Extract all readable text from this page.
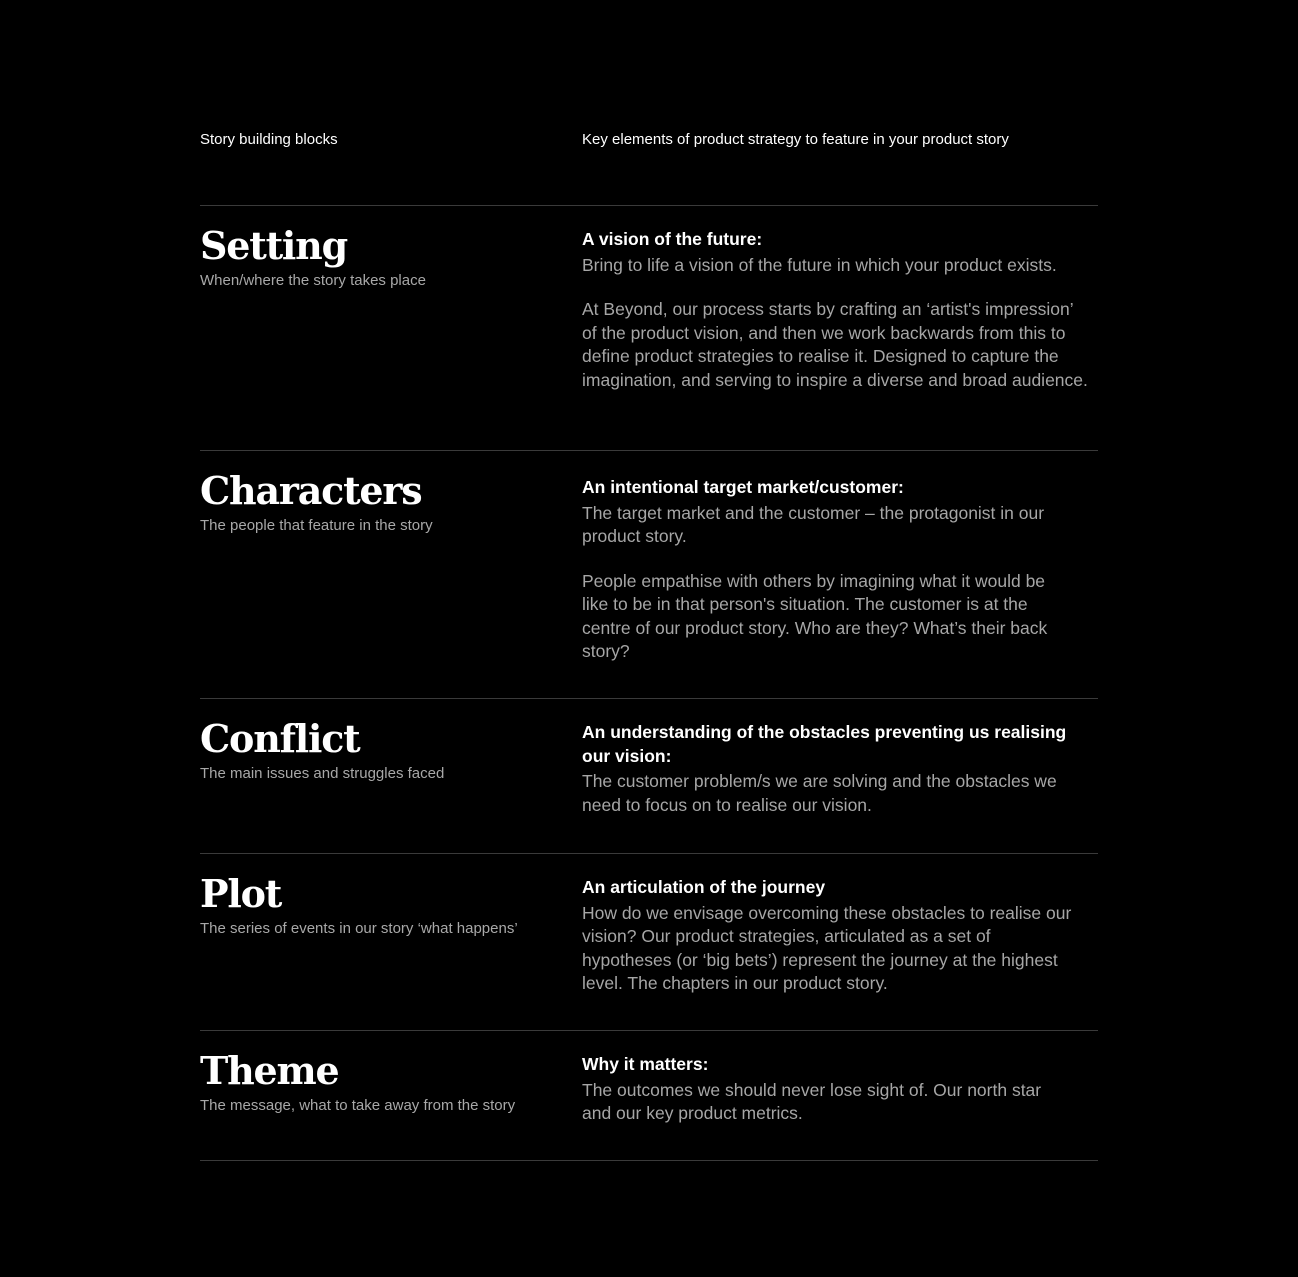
Story building blocks	Key elements of product strategy to feature in your product story
Setting
When/where the story takes place

A vision of the future:

Bring to life a vision of the future in which your product exists.

At Beyond, our process starts by crafting an ‘artist's impression’ of the product vision, and then we work backwards from this to define product strategies to realise it. Designed to capture the imagination, and serving to inspire a diverse and broad audience.

Characters
The people that feature in the story

An intentional target market/customer:

The target market and the customer – the protagonist in our product story.

People empathise with others by imagining what it would be like to be in that person's situation. The customer is at the centre of our product story. Who are they? What’s their back story?

Conflict
The main issues and struggles faced

An understanding of the obstacles preventing us realising our vision:

The customer problem/s we are solving and the obstacles we need to focus on to realise our vision.

Plot
The series of events in our story ‘what happens’

An articulation of the journey

How do we envisage overcoming these obstacles to realise our vision? Our product strategies, articulated as a set of hypotheses (or ‘big bets’) represent the journey at the highest level. The chapters in our product story.

Theme
The message, what to take away from the story

Why it matters:

The outcomes we should never lose sight of. Our north star and our key product metrics.
